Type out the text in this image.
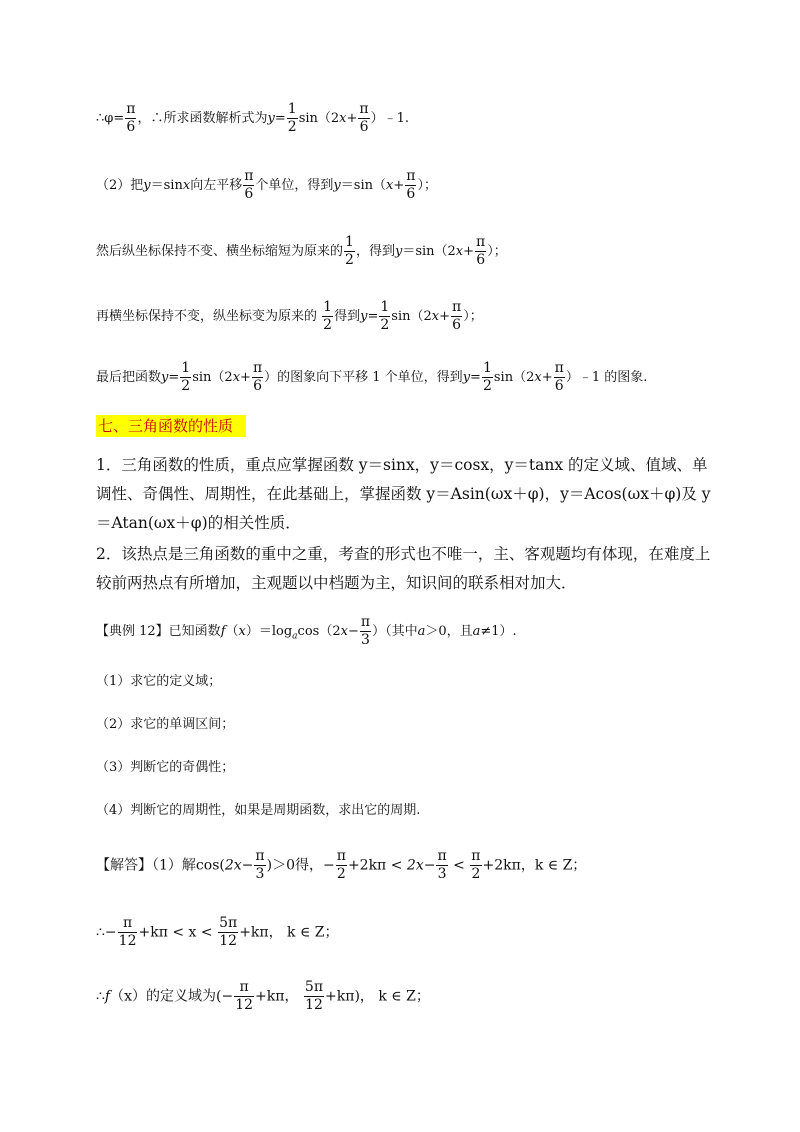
∴φ= $\frac{\pi}{6}$ ，∴所求函数解析式为$y= \frac{1}{2} \sin(2x+ \frac{\pi}{6}$ ）﹣1.
（2）把y＝sinx向左平移 $\frac{\pi}{6}$ 个单位，得到$y=\sin(x+ \frac{\pi}{6}$ ）；
然后纵坐标保持不变、横坐标缩短为原来的 $\frac{1}{2}$ ，得到$y=\sin(2x+ \frac{\pi}{6}$ ）；
再横坐标保持不变，纵坐标变为原来的 $\frac{1}{2}$ 得到$y= \frac{1}{2} \sin(2x+ \frac{\pi}{6}$ ）；
最后把函数$y= \frac{1}{2} \sin(2x+ \frac{\pi}{6}$ ）的图象向下平移 1 个单位，得到$y= \frac{1}{2} \sin(2x+ \frac{\pi}{6}$ ）﹣1 的图象.
七、三角函数的性质
1．三角函数的性质，重点应掌握函数 y＝sinx，y＝cosx，y＝tanx 的定义域、值域、单调性、奇偶性、周期性，在此基础上，掌握函数 y＝Asin(ωx＋φ)，y＝Acos(ωx＋φ)及 y＝Atan(ωx＋φ)的相关性质．
2．该热点是三角函数的重中之重，考查的形式也不唯一，主、客观题均有体现，在难度上较前两热点有所增加，主观题以中档题为主，知识间的联系相对加大．
【典例 12】已知函数$f(x)=\log_a\cos(2x- \frac{\pi}{3}$ ）（其中a＞0，且a≠1）.
（1）求它的定义域；
（2）求它的单调区间；
（3）判断它的奇偶性；
（4）判断它的周期性，如果是周期函数，求出它的周期.
【解答】（1）解$\cos(2x- \frac{\pi}{3} )>0$得，− $\frac{\pi}{2} +2k\pi < 2x- \frac{\pi}{3} < \frac{\pi}{2} +2k\pi$，k ∈ Z；
∴− $\frac{\pi}{12} +k\pi < x < \frac{5\pi}{12} +k\pi$， k ∈ Z；
∴f（x）的定义域为(− $\frac{\pi}{12} +k\pi$， $\frac{5\pi}{12} +k\pi$)， k ∈ Z；
